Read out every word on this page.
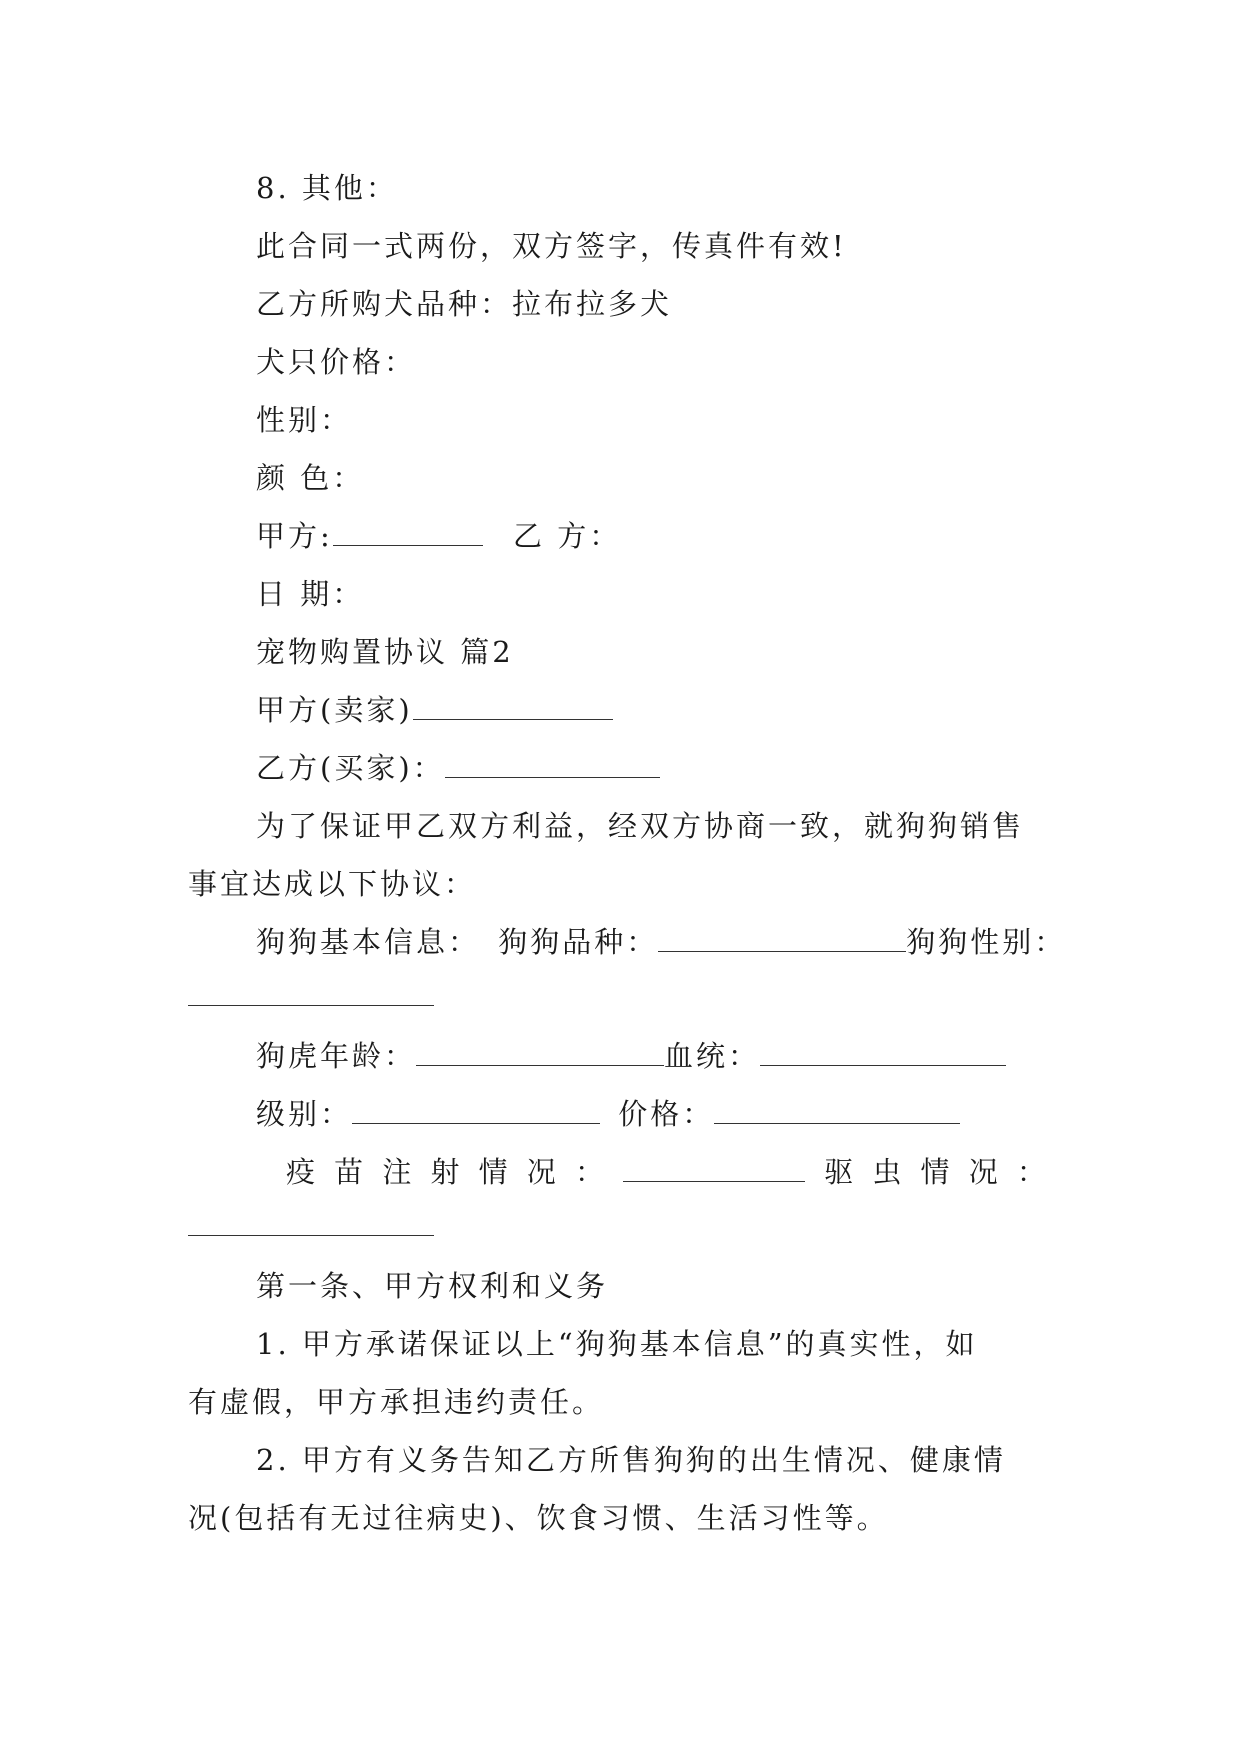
8. 其他：
此合同一式两份，双方签字，传真件有效!
乙方所购犬品种：拉布拉多犬
犬只价格：
性别：
颜 色：
甲方:	乙 方：
日 期：
宠物购置协议 篇2
甲方(卖家)
乙方(买家)：
为了保证甲乙双方利益，经双方协商一致，就狗狗销售
事宜达成以下协议：
狗狗基本信息： 狗狗品种：	狗狗性别：
狗虎年龄：	血统：
级别：	价格：
疫 苗 注 射 情 况 ：	驱 虫 情 况 ：
第一条、甲方权利和义务
1. 甲方承诺保证以上“狗狗基本信息”的真实性，如
有虚假，甲方承担违约责任。
2. 甲方有义务告知乙方所售狗狗的出生情况、健康情
况(包括有无过往病史)、饮食习惯、生活习性等。
